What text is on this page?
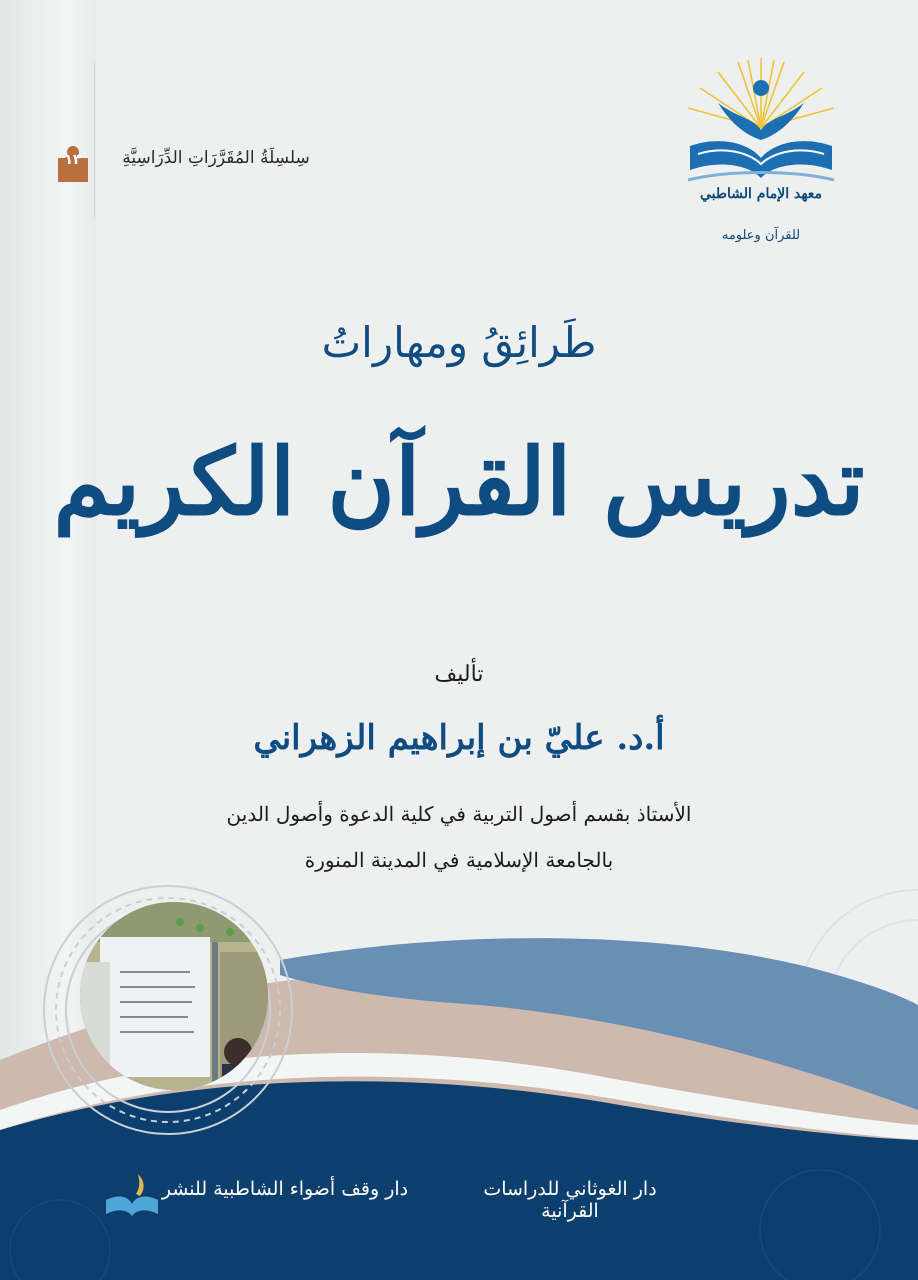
١٣	سِلسِلَةُ المُقَرَّرَاتِ الدِّرَاسِيَّةِ
معهد الإمام الشاطبي
للقرآن وعلومه
طَرائِقُ ومهاراتُ
تدريس القرآن الكريم
تأليف
أ.د. عليّ بن إبراهيم الزهراني
الأستاذ بقسم أصول التربية في كلية الدعوة وأصول الدين
بالجامعة الإسلامية في المدينة المنورة
دار وقف أضواء الشاطبية للنشر	دار الغوثاني للدراسات القرآنية
